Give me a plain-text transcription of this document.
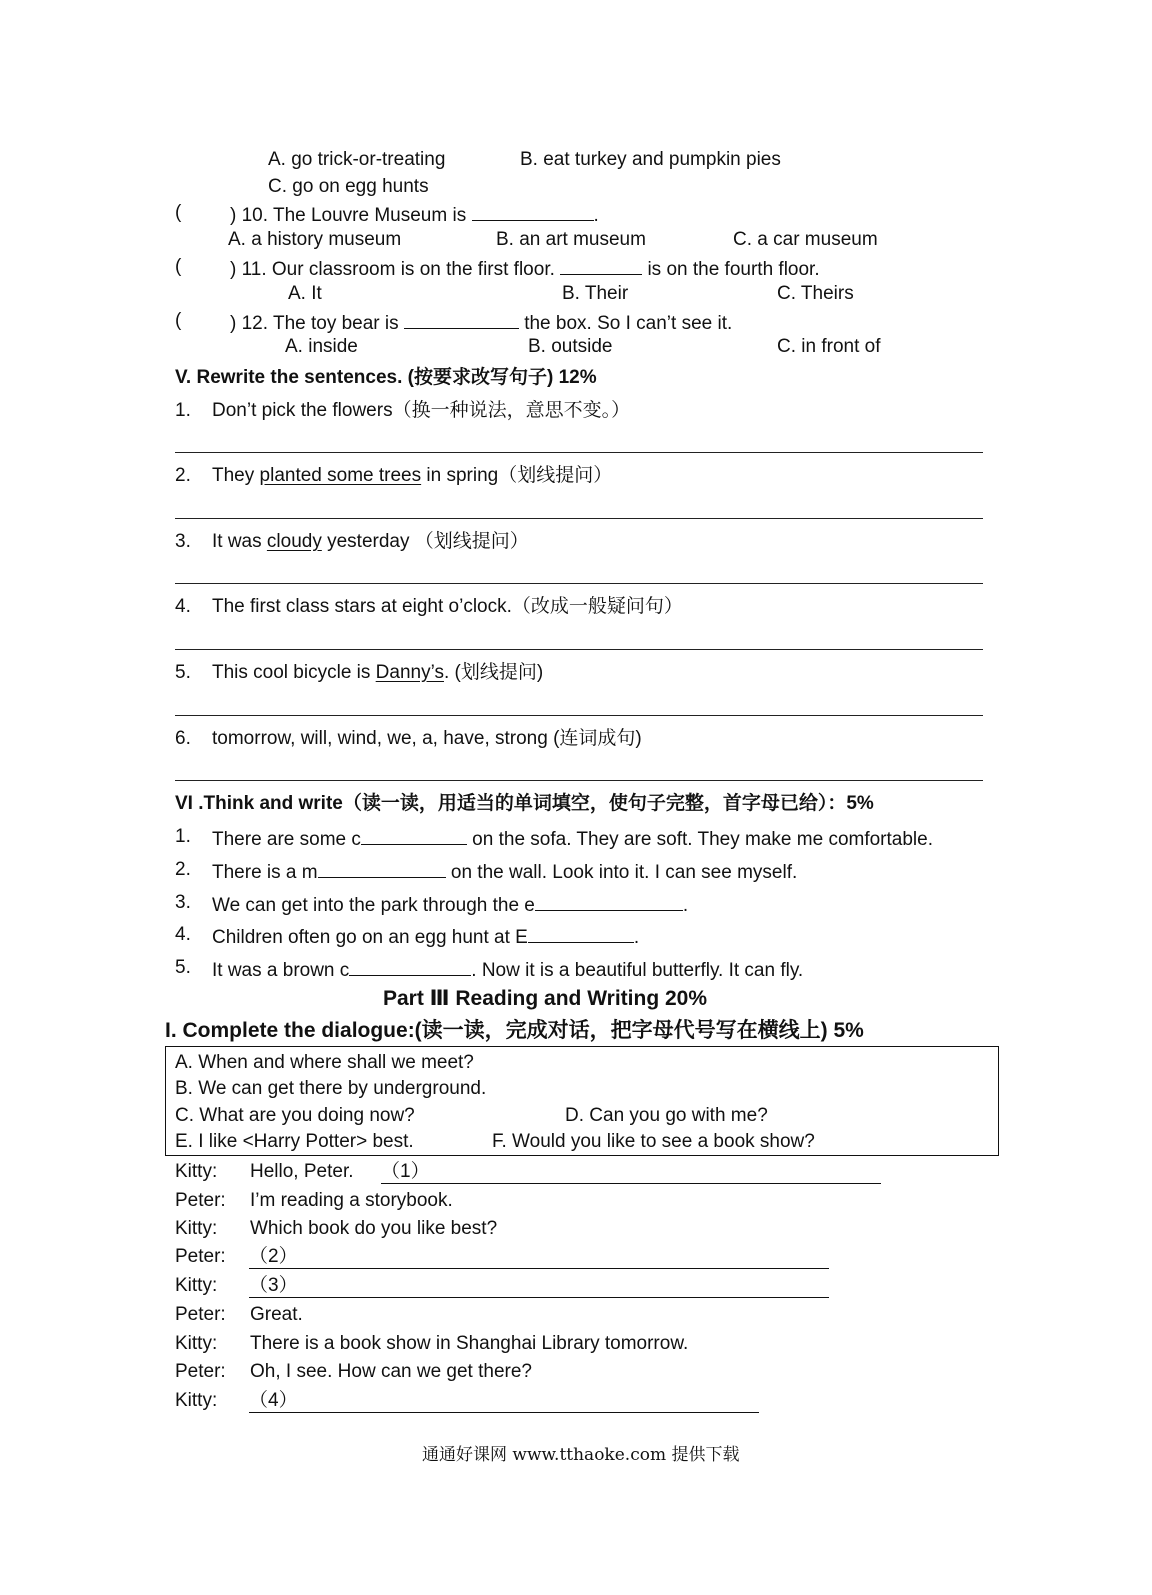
A. go trick-or-treating	B. eat turkey and pumpkin pies
C. go on egg hunts
(	) 10. The Louvre Museum is	.
A. a history museum	B. an art museum	C. a car museum
(	) 11. Our classroom is on the first floor.	is on the fourth floor.
A. It	B. Their	C. Theirs
(	) 12. The toy bear is	the box. So I can’t see it.
A. inside	B. outside	C. in front of
V. Rewrite the sentences. (按要求改写句子) 12%
1.	Don’t pick the flowers（换一种说法，意思不变。）
2.	They planted some trees in spring（划线提问）
3.	It was cloudy yesterday （划线提问）
4.	The first class stars at eight o’clock.（改成一般疑问句）
5.	This cool bicycle is Danny’s. (划线提问)
6.	tomorrow, will, wind, we, a, have, strong (连词成句)
VI .Think and write（读一读，用适当的单词填空，使句子完整，首字母已给）：5%
1.	There are some c	on the sofa. They are soft. They make me comfortable.
2.	There is a m	on the wall. Look into it. I can see myself.
3.	We can get into the park through the e	.
4.	Children often go on an egg hunt at E	.
5.	It was a brown c	. Now it is a beautiful butterfly. It can fly.
Part Ⅲ Reading and Writing 20%
I. Complete the dialogue:(读一读，完成对话，把字母代号写在横线上) 5%
A. When and where shall we meet?
B. We can get there by underground.
C. What are you doing now?	D. Can you go with me?
E. I like <Harry Potter> best.	F. Would you like to see a book show?
Kitty: Hello, Peter. （1）
Peter: I’m reading a storybook.
Kitty: Which book do you like best?
Peter: （2）
Kitty: （3）
Peter: Great.
Kitty: There is a book show in Shanghai Library tomorrow.
Peter: Oh, I see. How can we get there?
Kitty: （4）
通通好课网 www.tthaoke.com 提供下载
